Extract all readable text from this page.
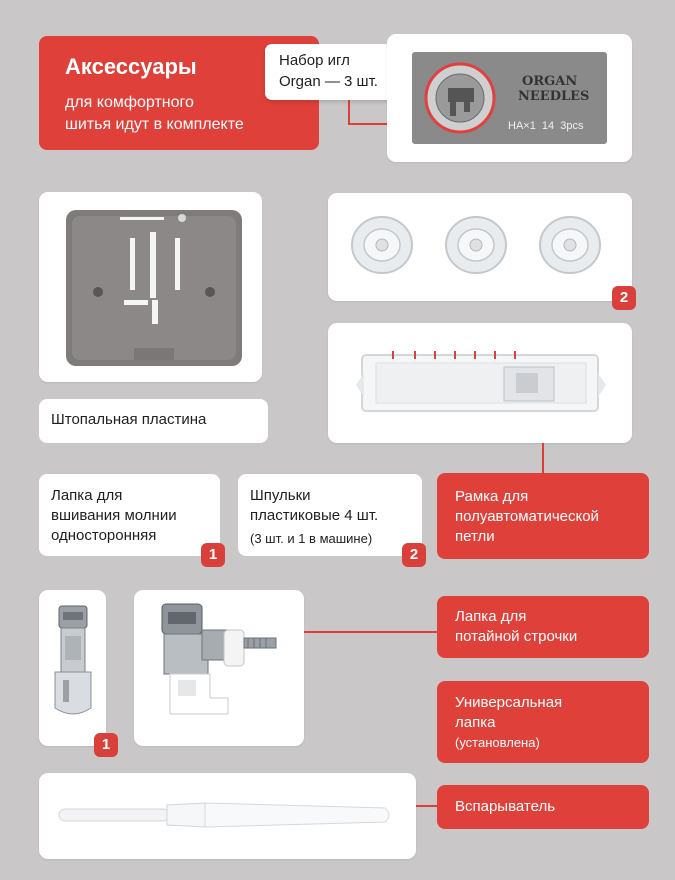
Аксессуары
для комфортного
шитья идут в комплекте
Набор игл
Organ — 3 шт.	ORGAN
NEEDLES
HA×1  14  3pcs
Штопальная пластина
2
Рамка для
полуавтоматической
петли
Лапка для
вшивания молнии
односторонняя
1
Шпульки
пластиковые 4 шт.
(3 шт. и 1 в машине)
2
1
Лапка для
потайной строчки
Универсальная
лапка
(установлена)
Вспарыватель
